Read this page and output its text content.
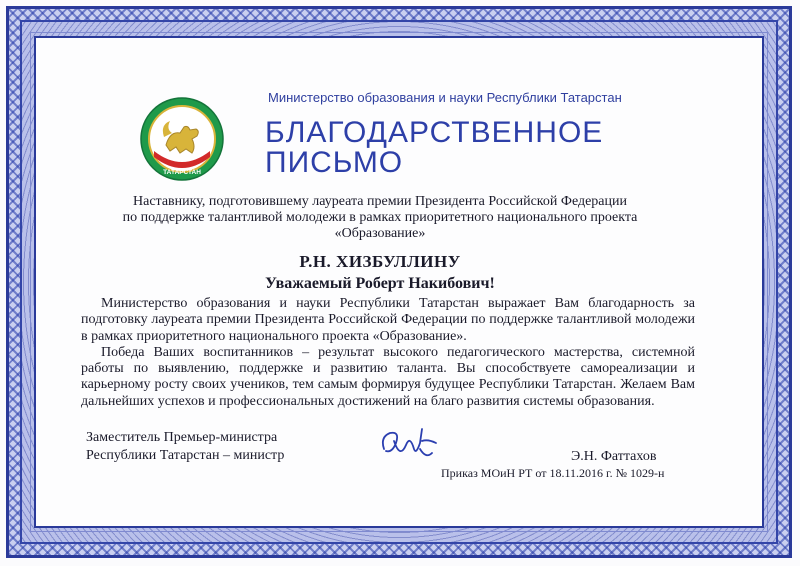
Министерство образования и науки Республики Татарстан
ТАТАРСТАН
БЛАГОДАРСТВЕННОЕ
ПИСЬМО
Наставнику, подготовившему лауреата премии Президента Российской Федерации
по поддержке талантливой молодежи в рамках приоритетного национального проекта
«Образование»
Р.Н. ХИЗБУЛЛИНУ
Уважаемый Роберт Накибович!

Министерство образования и науки Республики Татарстан выражает Вам благодарность за подготовку лауреата премии Президента Российской Федерации по поддержке талантливой молодежи в рамках приоритетного национального проекта «Образование».

Победа Ваших воспитанников – результат высокого педагогического мастерства, системной работы по выявлению, поддержке и развитию таланта. Вы способствуете самореализации и карьерному росту своих учеников, тем самым формируя будущее Республики Татарстан. Желаем Вам дальнейших успехов и профессиональных достижений на благо развития системы образования.

Заместитель Премьер-министра
Республики Татарстан – министр	Э.Н. Фаттахов
Приказ МОиН РТ от 18.11.2016 г. № 1029-н
